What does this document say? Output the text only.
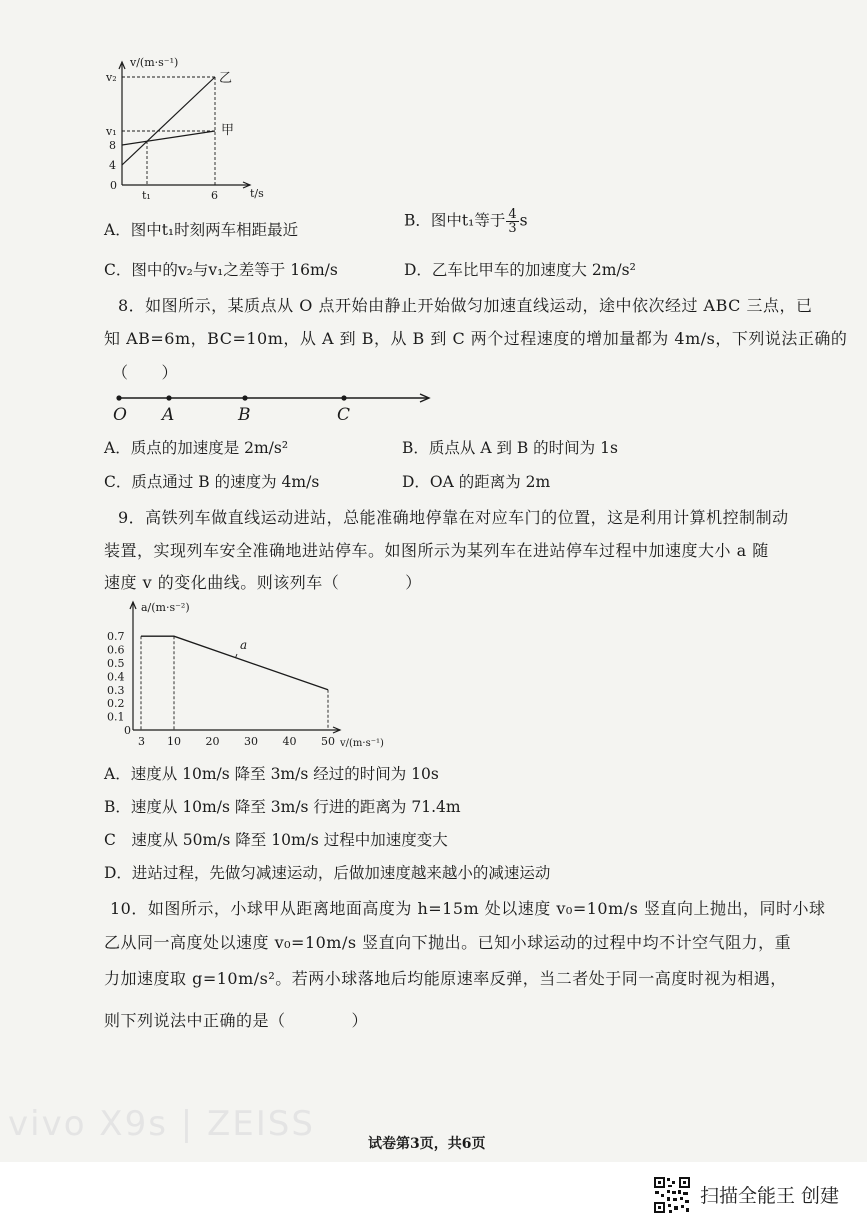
v/(m·s⁻¹)
t/s
v₂
v₁
8
4
0
t₁	6
乙
甲
A．图中t₁时刻两车相距最近
B．图中t₁等于 $\frac{4}{3}$ s
C．图中的v₂与v₁之差等于 16m/s	D．乙车比甲车的加速度大 2m/s²
8．如图所示，某质点从 O 点开始由静止开始做匀加速直线运动，途中依次经过 ABC 三点，已
知 AB=6m，BC=10m，从 A 到 B，从 B 到 C 两个过程速度的增加量都为 4m/s，下列说法正确的
（　　）
O A	B	C
A．质点的加速度是 2m/s²	B．质点从 A 到 B 的时间为 1s
C．质点通过 B 的速度为 4m/s	D．OA 的距离为 2m
9．高铁列车做直线运动进站，总能准确地停靠在对应车门的位置，这是利用计算机控制制动
装置，实现列车安全准确地进站停车。如图所示为某列车在进站停车过程中加速度大小 a 随
速度 v 的变化曲线。则该列车（　　　　）
0.7
0.6
0.5
0.4
0.3
0.2
0.1
0
3 10 20 30 40 50
a/(m·s⁻²)
v/(m·s⁻¹)
a
A．速度从 10m/s 降至 3m/s 经过的时间为 10s
B．速度从 10m/s 降至 3m/s 行进的距离为 71.4m
C　速度从 50m/s 降至 10m/s 过程中加速度变大
D．进站过程，先做匀减速运动，后做加速度越来越小的减速运动
10．如图所示，小球甲从距离地面高度为 h=15m 处以速度 v₀=10m/s 竖直向上抛出，同时小球
乙从同一高度处以速度 v₀=10m/s 竖直向下抛出。已知小球运动的过程中均不计空气阻力，重
力加速度取 g=10m/s²。若两小球落地后均能原速率反弹，当二者处于同一高度时视为相遇，
则下列说法中正确的是（　　　　）
vivo X9s | ZEISS	试卷第3页，共6页
扫描全能王 创建
